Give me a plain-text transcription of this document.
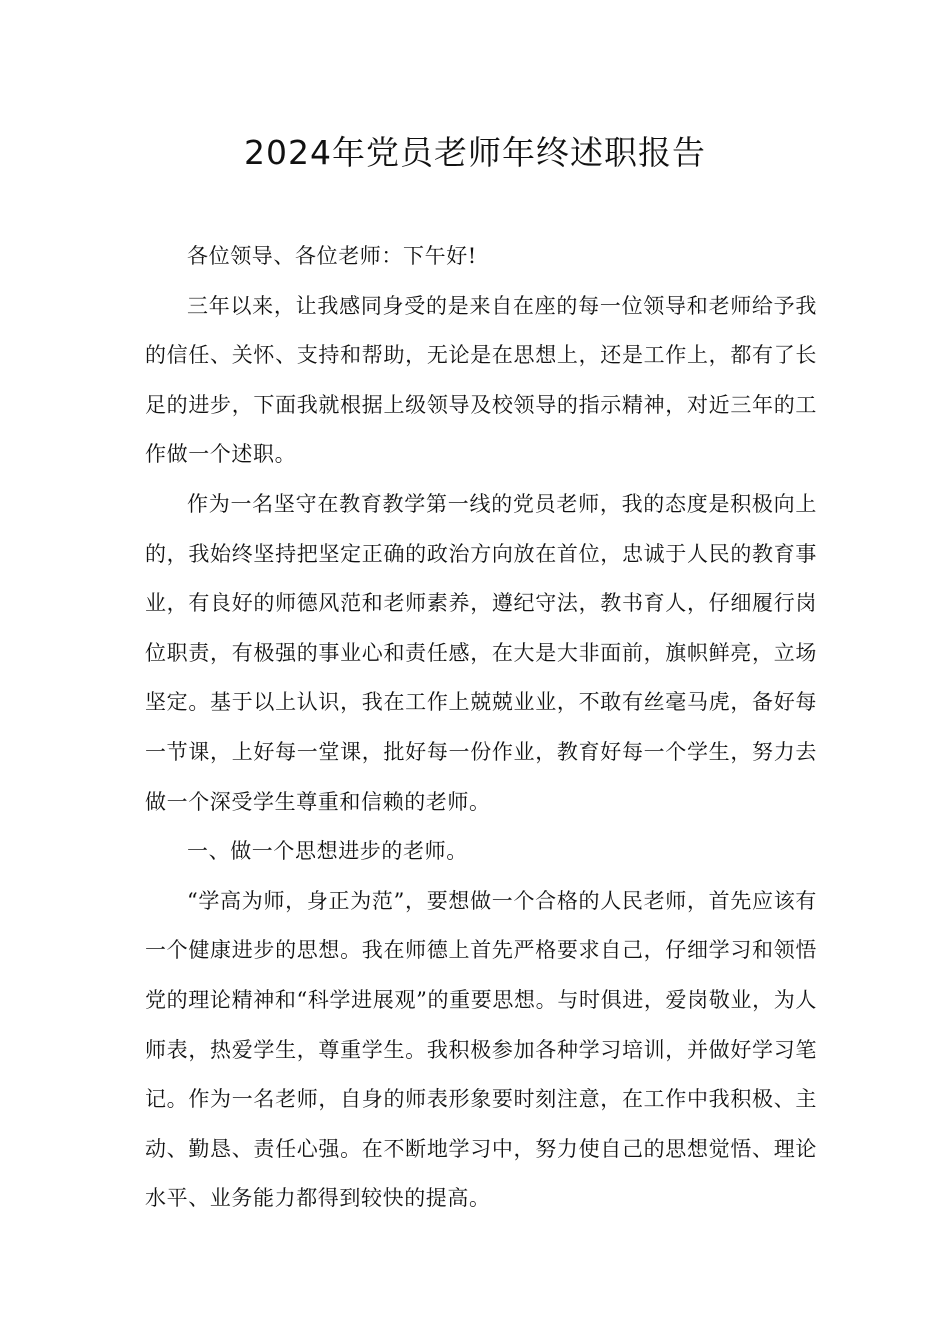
2024年党员老师年终述职报告

各位领导、各位老师：下午好!

三年以来，让我感同身受的是来自在座的每一位领导和老师给予我的信任、关怀、支持和帮助，无论是在思想上，还是工作上，都有了长足的进步，下面我就根据上级领导及校领导的指示精神，对近三年的工作做一个述职。

作为一名坚守在教育教学第一线的党员老师，我的态度是积极向上的，我始终坚持把坚定正确的政治方向放在首位，忠诚于人民的教育事业，有良好的师德风范和老师素养，遵纪守法，教书育人，仔细履行岗位职责，有极强的事业心和责任感，在大是大非面前，旗帜鲜亮，立场坚定。基于以上认识，我在工作上兢兢业业，不敢有丝毫马虎，备好每一节课，上好每一堂课，批好每一份作业，教育好每一个学生，努力去做一个深受学生尊重和信赖的老师。

一、做一个思想进步的老师。

“学高为师，身正为范”，要想做一个合格的人民老师，首先应该有一个健康进步的思想。我在师德上首先严格要求自己，仔细学习和领悟党的理论精神和“科学进展观”的重要思想。与时俱进，爱岗敬业，为人师表，热爱学生，尊重学生。我积极参加各种学习培训，并做好学习笔记。作为一名老师，自身的师表形象要时刻注意，在工作中我积极、主动、勤恳、责任心强。在不断地学习中，努力使自己的思想觉悟、理论水平、业务能力都得到较快的提高。
